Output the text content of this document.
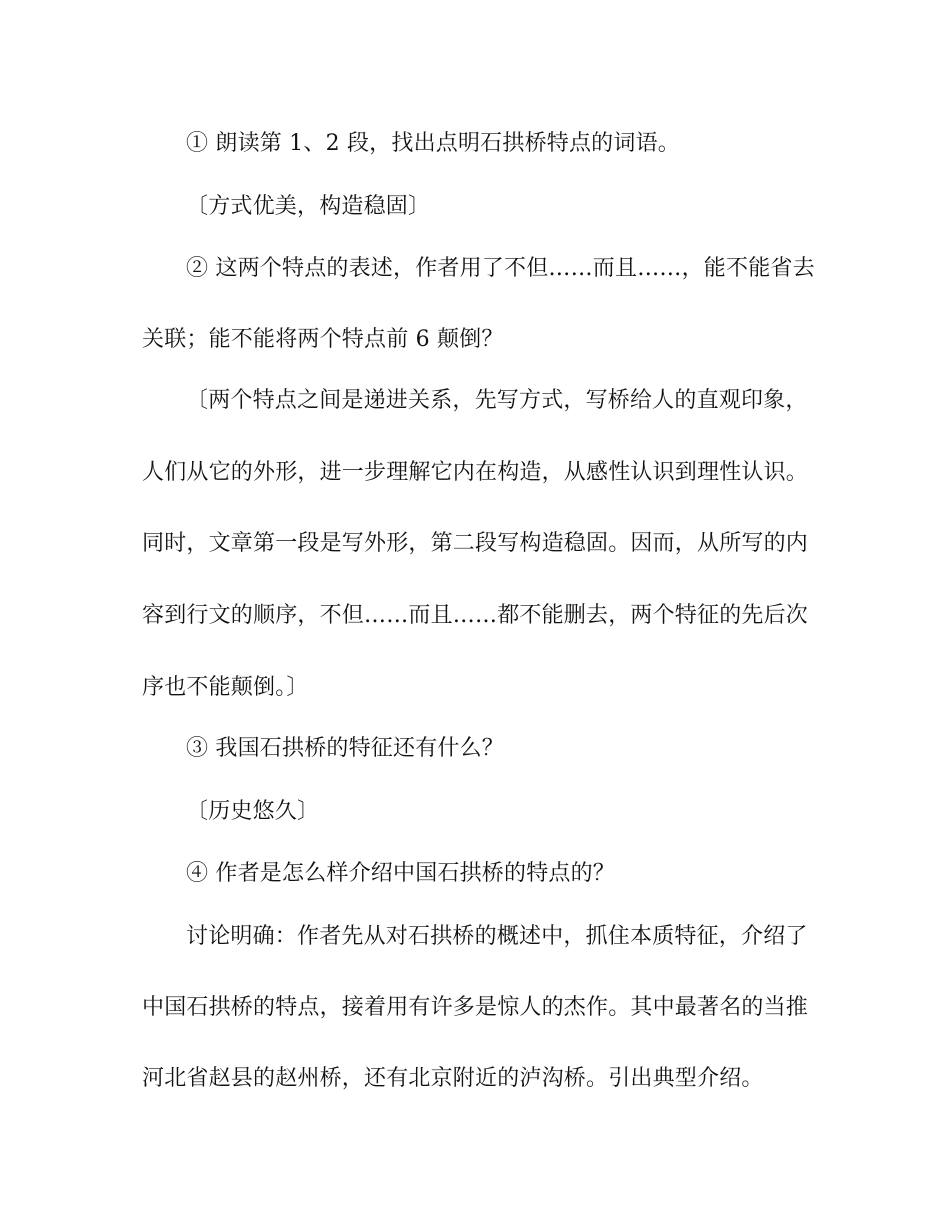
① 朗读第 1、2 段，找出点明石拱桥特点的词语。
〔方式优美，构造稳固〕
② 这两个特点的表述，作者用了不但……而且……，能不能省去
关联；能不能将两个特点前 6 颠倒？
〔两个特点之间是递进关系，先写方式，写桥给人的直观印象，
人们从它的外形，进一步理解它内在构造，从感性认识到理性认识。
同时，文章第一段是写外形，第二段写构造稳固。因而，从所写的内
容到行文的顺序，不但……而且……都不能删去，两个特征的先后次
序也不能颠倒。〕
③ 我国石拱桥的特征还有什么？
〔历史悠久〕
④ 作者是怎么样介绍中国石拱桥的特点的？
讨论明确：作者先从对石拱桥的概述中，抓住本质特征，介绍了
中国石拱桥的特点，接着用有许多是惊人的杰作。其中最著名的当推
河北省赵县的赵州桥，还有北京附近的泸沟桥。引出典型介绍。
